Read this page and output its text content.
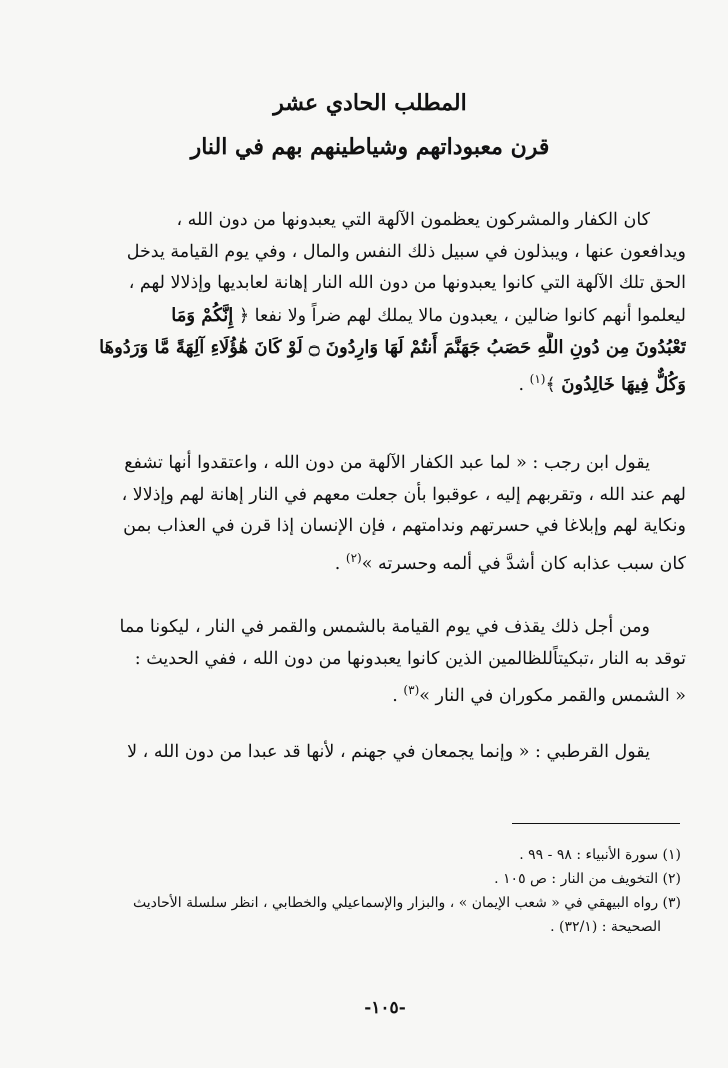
المطلب الحادي عشر
قرن معبوداتهم وشياطينهم بهم في النار
كان الكفار والمشركون يعظمون الآلهة التي يعبدونها من دون الله ،
ويدافعون عنها ، ويبذلون في سبيل ذلك النفس والمال ، وفي يوم القيامة يدخل
الحق تلك الآلهة التي كانوا يعبدونها من دون الله النار إهانة لعابديها وإذلالا لهم ،
ليعلموا أنهم كانوا ضالين ، يعبدون مالا يملك لهم ضراً ولا نفعا ﴿ إِنَّكُمْ وَمَا
تَعْبُدُونَ مِن دُونِ اللَّهِ حَصَبُ جَهَنَّمَ أَنتُمْ لَهَا وَارِدُونَ ۝ لَوْ كَانَ هَٰؤُلَاءِ آلِهَةً مَّا وَرَدُوهَا
وَكُلٌّ فِيهَا خَالِدُونَ ﴾$^{(١)}$ .
يقول ابن رجب : « لما عبد الكفار الآلهة من دون الله ، واعتقدوا أنها تشفع
لهم عند الله ، وتقربهم إليه ، عوقبوا بأن جعلت معهم في النار إهانة لهم وإذلالا ،
ونكاية لهم وإبلاغا في حسرتهم وندامتهم ، فإن الإنسان إذا قرن في العذاب بمن
كان سبب عذابه كان أشدَّ في ألمه وحسرته »$^{(٢)}$ .
ومن أجل ذلك يقذف في يوم القيامة بالشمس والقمر في النار ، ليكونا مما
توقد به النار ،تبكيتاًللظالمين الذين كانوا يعبدونها من دون الله ، ففي الحديث :
« الشمس والقمر مكوران في النار »$^{(٣)}$ .
يقول القرطبي : « وإنما يجمعان في جهنم ، لأنها قد عبدا من دون الله ، لا
(١) سورة الأنبياء : ٩٨ - ٩٩ .
(٢) التخويف من النار : ص ١٠٥ .
(٣) رواه البيهقي في « شعب الإيمان » ، والبزار والإسماعيلي والخطابي ، انظر سلسلة الأحاديث
الصحيحة : (٣٢/١) .
-١٠٥-
